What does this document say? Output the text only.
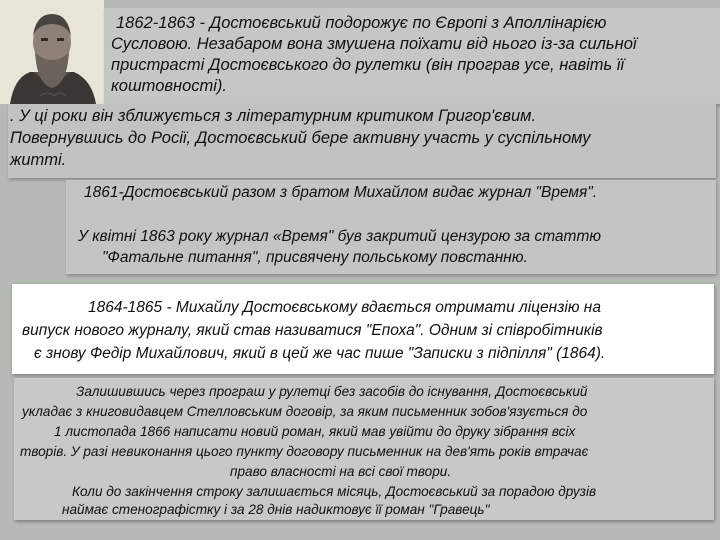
1862-1863 - Достоєвський подорожує по Європі з Аполлінарією
Сусловою. Незабаром вона змушена поїхати від нього із-за сильної
пристрасті Достоєвського до рулетки (він програв усе, навіть її
коштовності).
. У ці роки він зближується з літературним критиком Григор'євим.
Повернувшись до Росії, Достоєвський бере активну участь у суспільному
житті.
1861-Достоєвський разом з братом Михайлом видає журнал "Время".
У квітні 1863 року журнал «Время" був закритий цензурою за статтю
"Фатальне питання", присвячену польському повстанню.
1864-1865 - Михайлу Достоєвському вдається отримати ліцензію на
випуск нового журналу, який став називатися "Епоха". Одним зі співробітників
є знову Федір Михайлович, який в цей же час пише "Записки з підпілля" (1864).
Залишившись через програш у рулетці без засобів до існування, Достоєвський
укладає з книговидавцем Стелловським договір, за яким письменник зобов'язується до
1 листопада 1866 написати новий роман, який мав увійти до друку зібрання всіх
творів. У разі невиконання цього пункту договору письменник на дев'ять років втрачає
право власності на всі свої твори.
Коли до закінчення строку залишається місяць, Достоєвський за порадою друзів
наймає стенографістку і за 28 днів надиктовує її роман "Гравець"
